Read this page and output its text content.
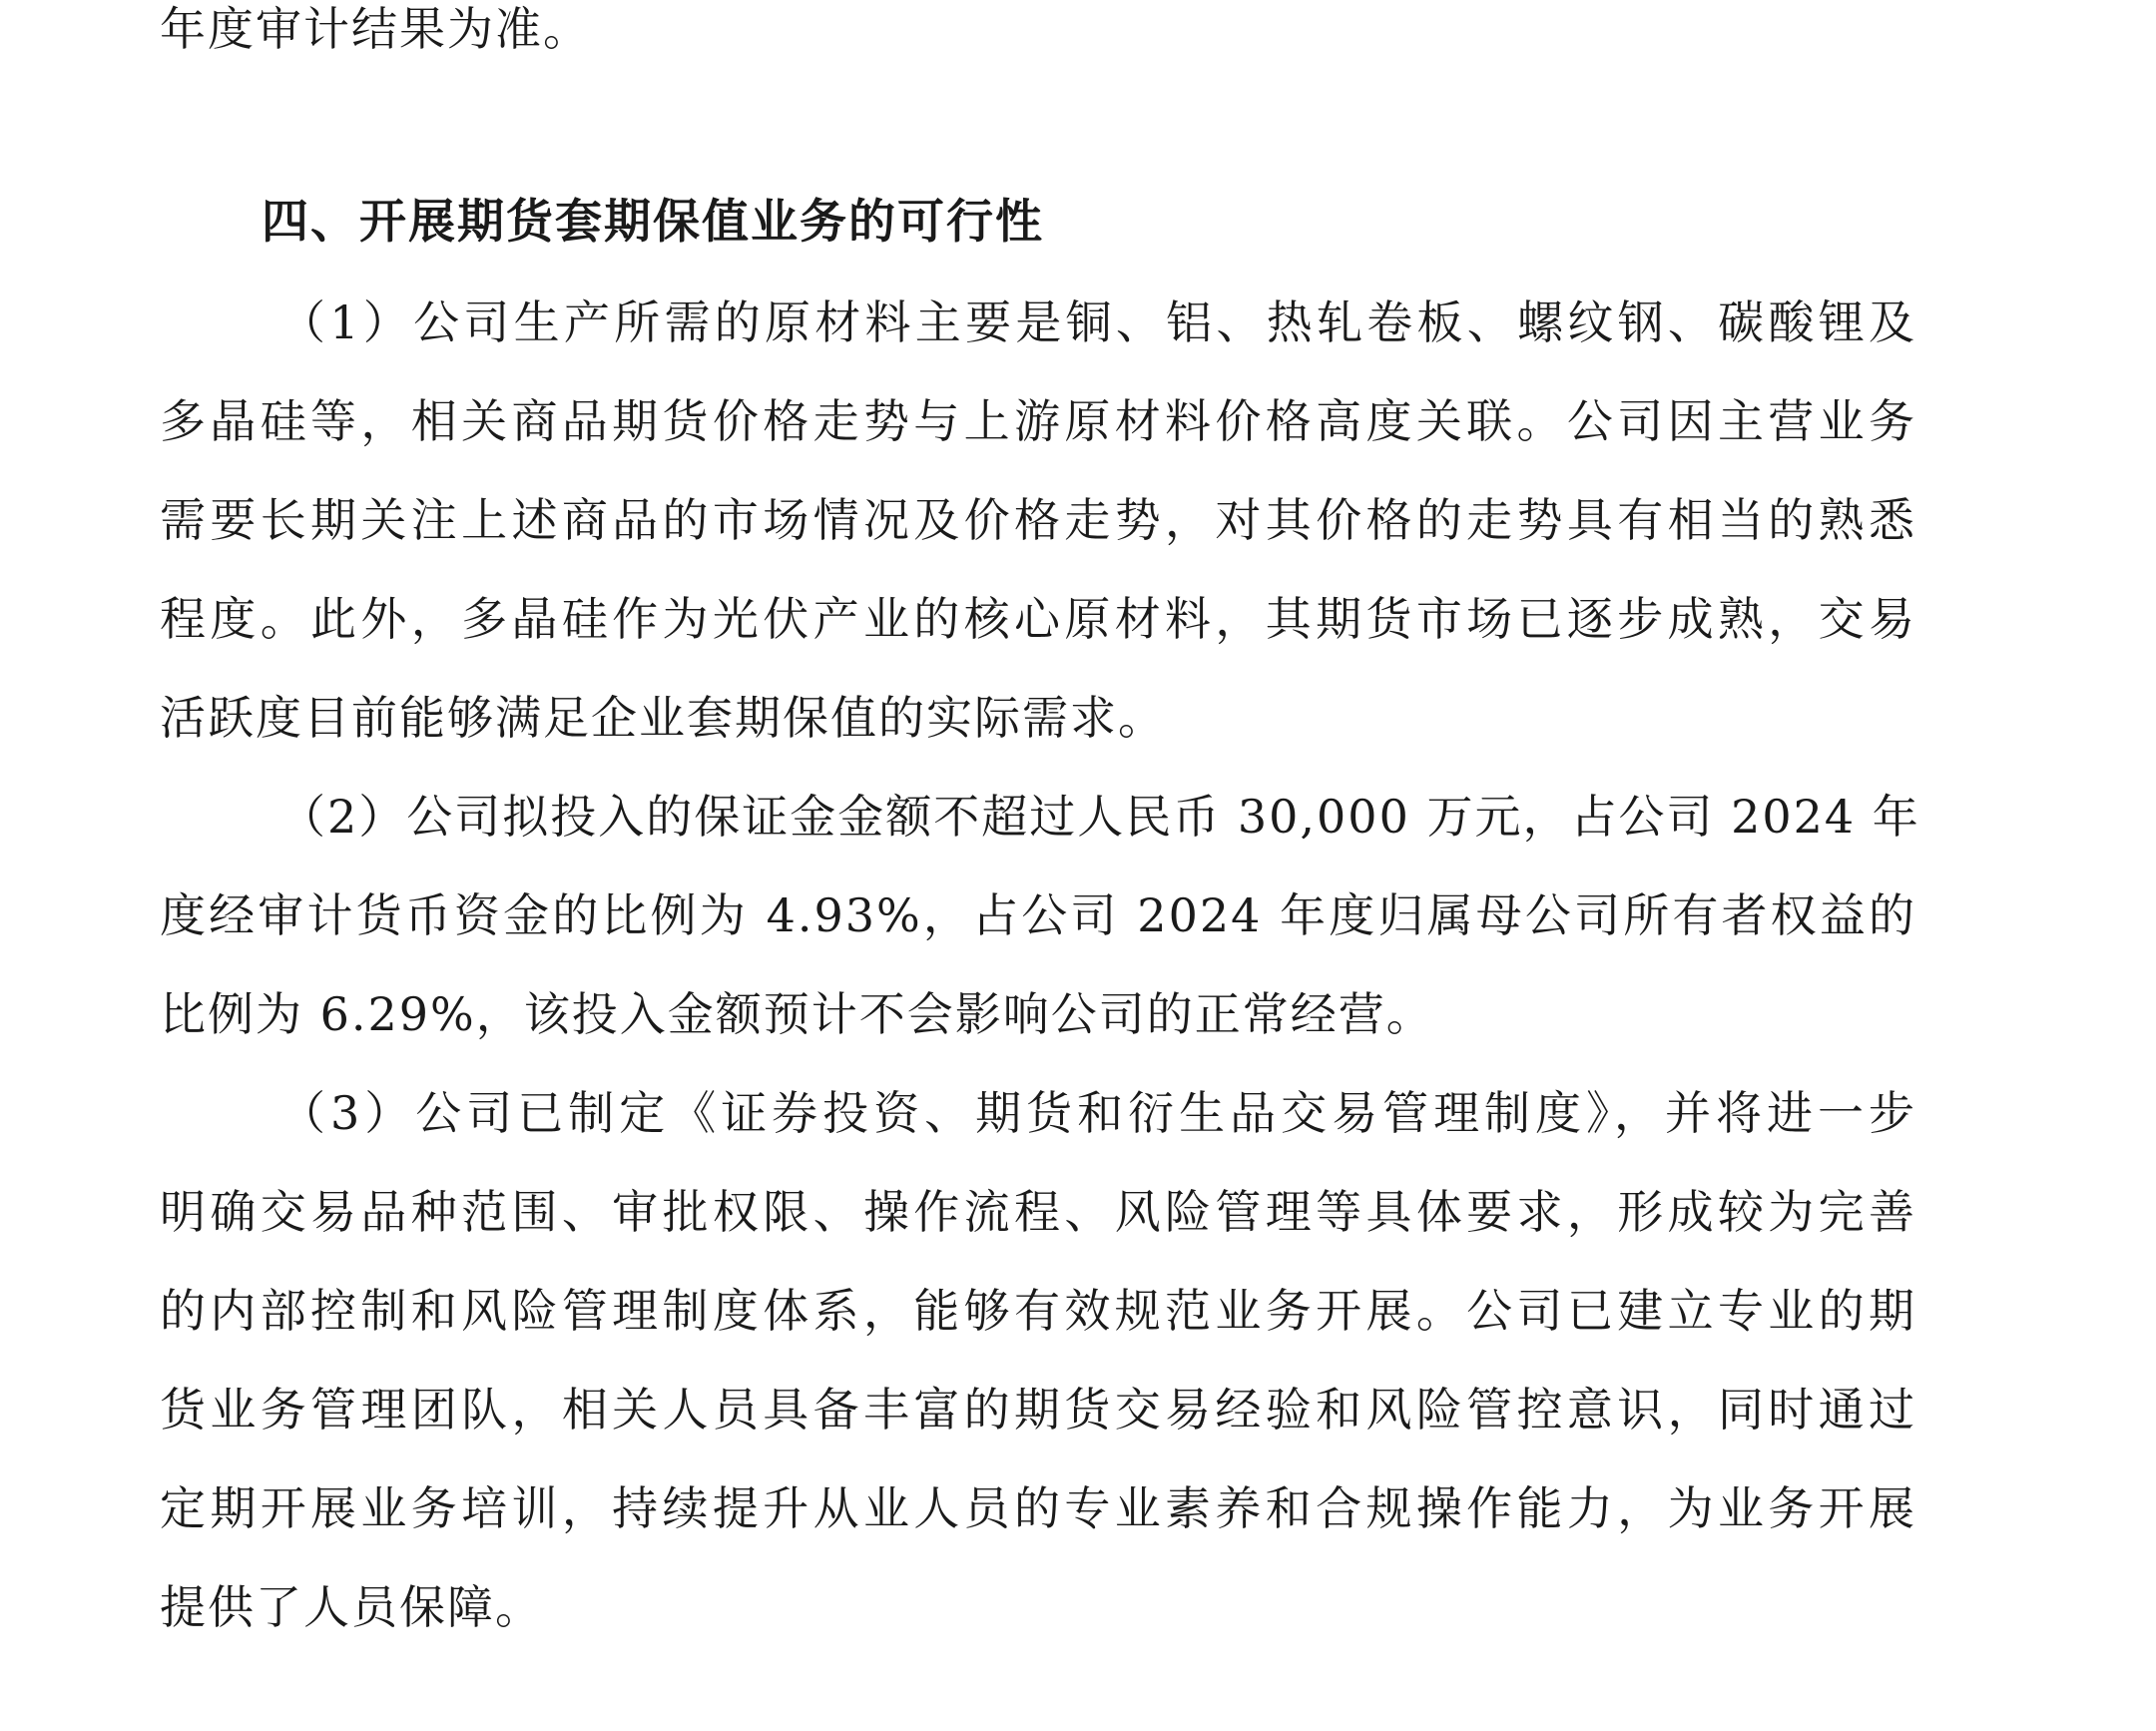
年度审计结果为准。
四、开展期货套期保值业务的可行性
（1）公司生产所需的原材料主要是铜、铝、热轧卷板、螺纹钢、碳酸锂及
多晶硅等，相关商品期货价格走势与上游原材料价格高度关联。公司因主营业务
需要长期关注上述商品的市场情况及价格走势，对其价格的走势具有相当的熟悉
程度。此外，多晶硅作为光伏产业的核心原材料，其期货市场已逐步成熟，交易
活跃度目前能够满足企业套期保值的实际需求。
（2）公司拟投入的保证金金额不超过人民币 30,000 万元，占公司 2024 年
度经审计货币资金的比例为 4.93%，占公司 2024 年度归属母公司所有者权益的
比例为 6.29%，该投入金额预计不会影响公司的正常经营。
（3）公司已制定《证券投资、期货和衍生品交易管理制度》，并将进一步
明确交易品种范围、审批权限、操作流程、风险管理等具体要求，形成较为完善
的内部控制和风险管理制度体系，能够有效规范业务开展。公司已建立专业的期
货业务管理团队，相关人员具备丰富的期货交易经验和风险管控意识，同时通过
定期开展业务培训，持续提升从业人员的专业素养和合规操作能力，为业务开展
提供了人员保障。
